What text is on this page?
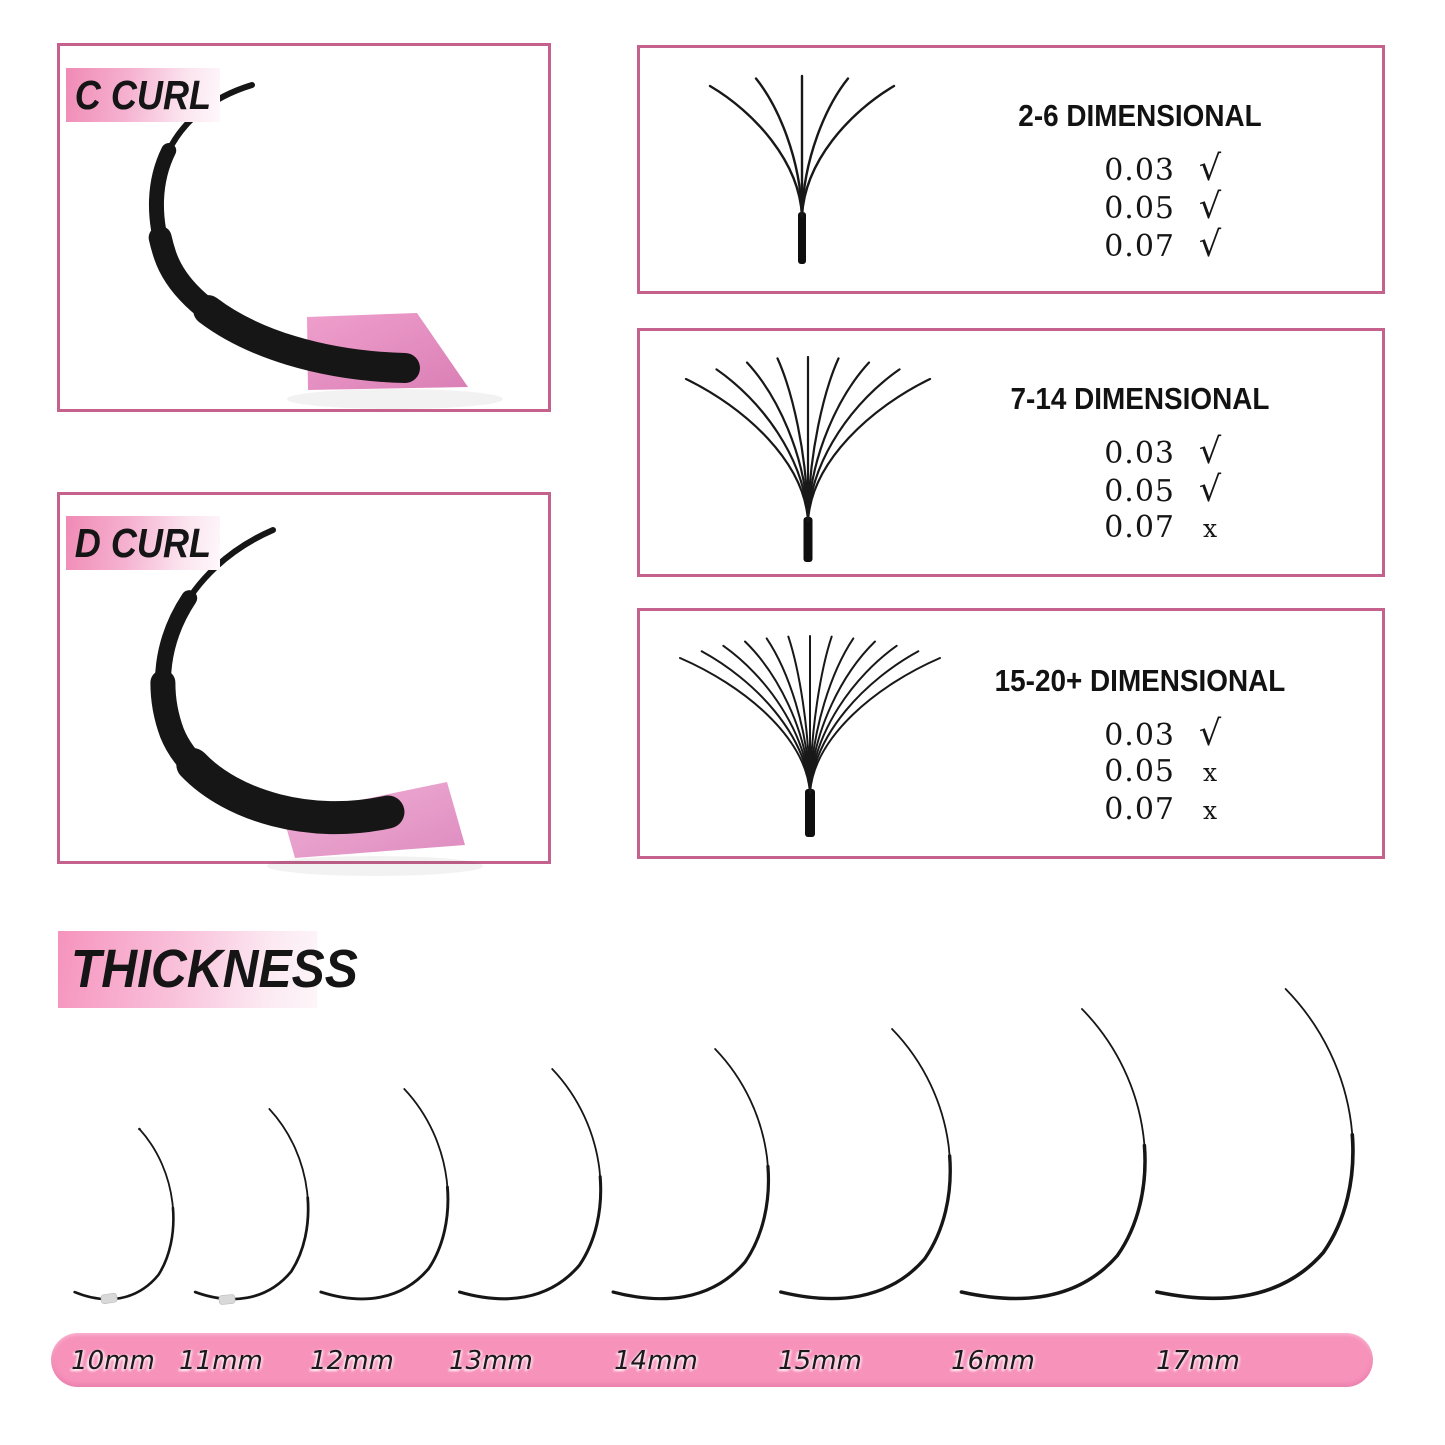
2-6 DIMENSIONAL
0.03 √
0.05 √
0.07 √
7-14 DIMENSIONAL
0.03 √
0.05 √
0.07	x
15-20+ DIMENSIONAL
0.03 √
0.05	x
0.07	x
C CURL
D CURL
THICKNESS
10mm 11mm 12mm 13mm	14mm	15mm	16mm	17mm
